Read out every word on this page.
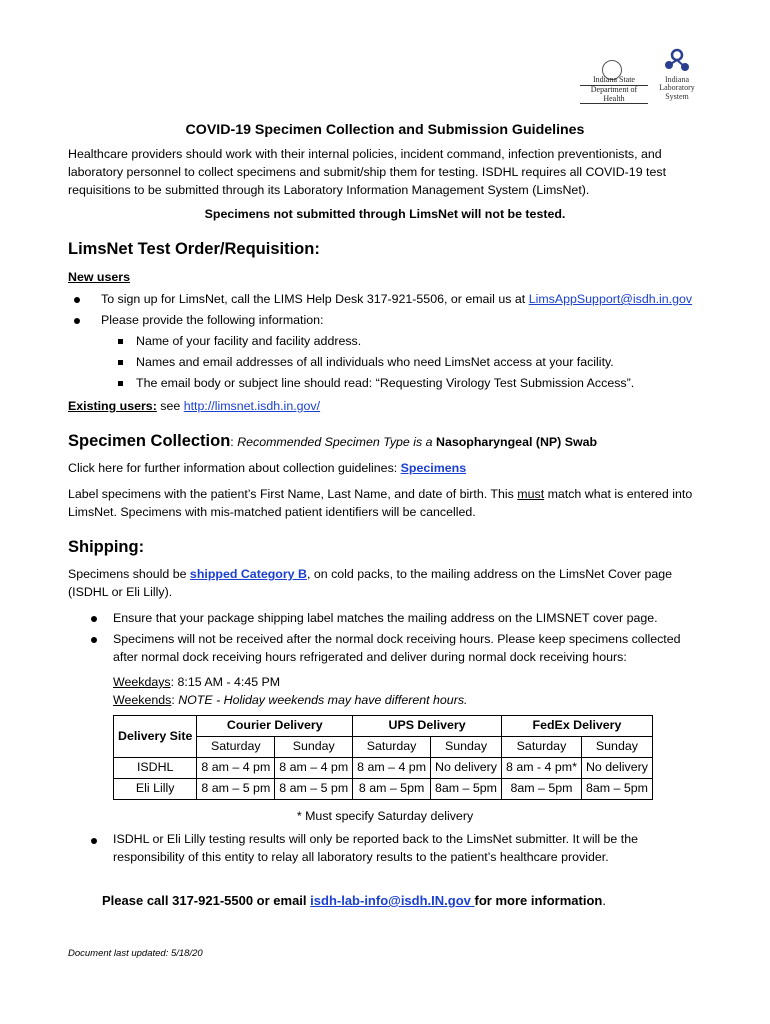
Indiana State
Department of Health
Indiana
Laboratory
System
COVID-19 Specimen Collection and Submission Guidelines
Healthcare providers should work with their internal policies, incident command, infection preventionists, and laboratory personnel to collect specimens and submit/ship them for testing. ISDHL requires all COVID-19 test requisitions to be submitted through its Laboratory Information Management System (LimsNet).
Specimens not submitted through LimsNet will not be tested.
LimsNet Test Order/Requisition:
New users
To sign up for LimsNet, call the LIMS Help Desk 317-921-5506, or email us at LimsAppSupport@isdh.in.gov
Please provide the following information:
Name of your facility and facility address.
Names and email addresses of all individuals who need LimsNet access at your facility.
The email body or subject line should read: “Requesting Virology Test Submission Access”.
Existing users: see http://limsnet.isdh.in.gov/
Specimen Collection: Recommended Specimen Type is a Nasopharyngeal (NP) Swab
Click here for further information about collection guidelines: Specimens
Label specimens with the patient’s First Name, Last Name, and date of birth. This must match what is entered into LimsNet. Specimens with mis-matched patient identifiers will be cancelled.
Shipping:
Specimens should be shipped Category B, on cold packs, to the mailing address on the LimsNet Cover page (ISDHL or Eli Lilly).
Ensure that your package shipping label matches the mailing address on the LIMSNET cover page.
Specimens will not be received after the normal dock receiving hours. Please keep specimens collected after normal dock receiving hours refrigerated and deliver during normal dock receiving hours:
Weekdays: 8:15 AM - 4:45 PM
Weekends: NOTE - Holiday weekends may have different hours.
Delivery Site	Courier Delivery		UPS Delivery		FedEx Delivery	
	Saturday	Sunday	Saturday	Sunday	Saturday	Sunday
ISDHL	8 am – 4 pm	8 am – 4 pm	8 am – 4 pm	No delivery	8 am - 4 pm*	No delivery
Eli Lilly	8 am – 5 pm	8 am – 5 pm	8 am – 5pm	8am – 5pm	8am – 5pm	8am – 5pm
* Must specify Saturday delivery
ISDHL or Eli Lilly testing results will only be reported back to the LimsNet submitter. It will be the responsibility of this entity to relay all laboratory results to the patient’s healthcare provider.
Please call 317-921-5500 or email isdh-lab-info@isdh.IN.gov for more information.
Document last updated: 5/18/20
